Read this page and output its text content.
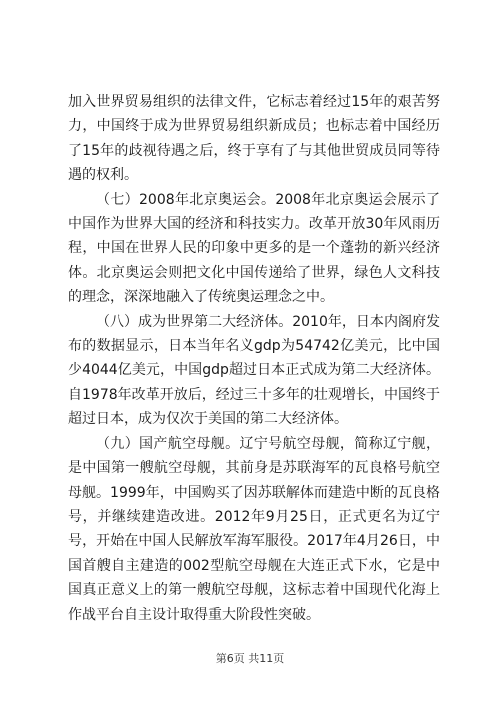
加入世界贸易组织的法律文件，它标志着经过15年的艰苦努力，中国终于成为世界贸易组织新成员；也标志着中国经历了15年的歧视待遇之后，终于享有了与其他世贸成员同等待遇的权利。

（七）2008年北京奥运会。2008年北京奥运会展示了中国作为世界大国的经济和科技实力。改革开放30年风雨历程，中国在世界人民的印象中更多的是一个蓬勃的新兴经济体。北京奥运会则把文化中国传递给了世界，绿色人文科技的理念，深深地融入了传统奥运理念之中。

（八）成为世界第二大经济体。2010年，日本内阁府发布的数据显示，日本当年名义gdp为54742亿美元，比中国少4044亿美元，中国gdp超过日本正式成为第二大经济体。自1978年改革开放后，经过三十多年的壮观增长，中国终于超过日本，成为仅次于美国的第二大经济体。

（九）国产航空母舰。辽宁号航空母舰，简称辽宁舰，是中国第一艘航空母舰，其前身是苏联海军的瓦良格号航空母舰。1999年，中国购买了因苏联解体而建造中断的瓦良格号，并继续建造改进。2012年9月25日，正式更名为辽宁号，开始在中国人民解放军海军服役。2017年4月26日，中国首艘自主建造的002型航空母舰在大连正式下水，它是中国真正意义上的第一艘航空母舰，这标志着中国现代化海上作战平台自主设计取得重大阶段性突破。

第6页 共11页
